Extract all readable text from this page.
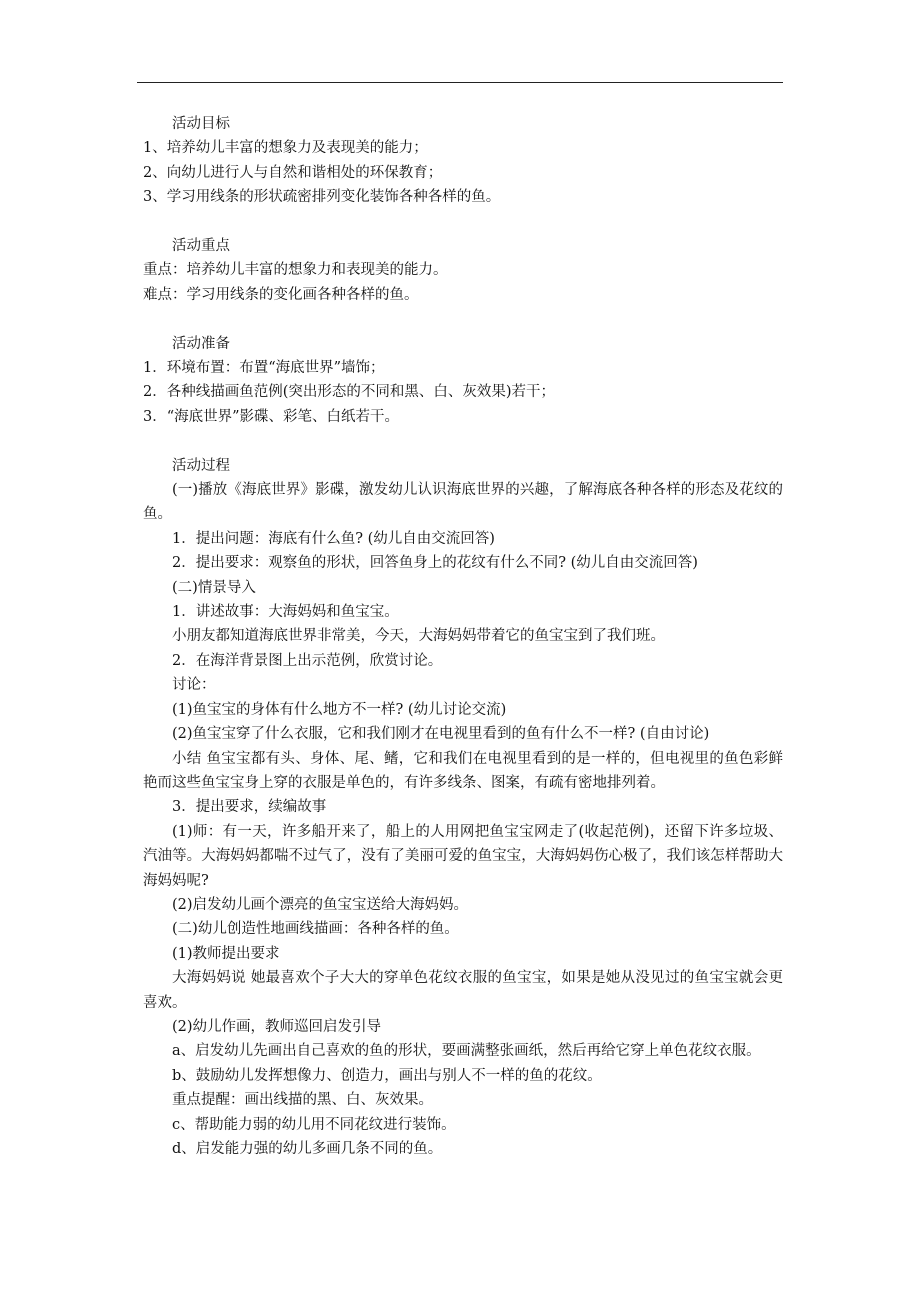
活动目标
1、培养幼儿丰富的想象力及表现美的能力；
2、向幼儿进行人与自然和谐相处的环保教育；
3、学习用线条的形状疏密排列变化装饰各种各样的鱼。
活动重点
重点：培养幼儿丰富的想象力和表现美的能力。
难点：学习用线条的变化画各种各样的鱼。
活动准备
1．环境布置：布置“海底世界”墙饰；
2．各种线描画鱼范例(突出形态的不同和黑、白、灰效果)若干；
3．“海底世界”影碟、彩笔、白纸若干。
活动过程
(一)播放《海底世界》影碟，激发幼儿认识海底世界的兴趣，了解海底各种各样的形态及花纹的鱼。
1．提出问题：海底有什么鱼? (幼儿自由交流回答)
2．提出要求：观察鱼的形状，回答鱼身上的花纹有什么不同? (幼儿自由交流回答)
(二)情景导入
1．讲述故事：大海妈妈和鱼宝宝。
小朋友都知道海底世界非常美，今天，大海妈妈带着它的鱼宝宝到了我们班。
2．在海洋背景图上出示范例，欣赏讨论。
讨论：
(1)鱼宝宝的身体有什么地方不一样? (幼儿讨论交流)
(2)鱼宝宝穿了什么衣服，它和我们刚才在电视里看到的鱼有什么不一样? (自由讨论)
小结 鱼宝宝都有头、身体、尾、鳍，它和我们在电视里看到的是一样的，但电视里的鱼色彩鲜艳而这些鱼宝宝身上穿的衣服是单色的，有许多线条、图案，有疏有密地排列着。
3．提出要求，续编故事
(1)师：有一天，许多船开来了，船上的人用网把鱼宝宝网走了(收起范例)，还留下许多垃圾、汽油等。大海妈妈都喘不过气了，没有了美丽可爱的鱼宝宝，大海妈妈伤心极了，我们该怎样帮助大海妈妈呢?
(2)启发幼儿画个漂亮的鱼宝宝送给大海妈妈。
(二)幼儿创造性地画线描画：各种各样的鱼。
(1)教师提出要求
大海妈妈说 她最喜欢个子大大的穿单色花纹衣服的鱼宝宝，如果是她从没见过的鱼宝宝就会更喜欢。
(2)幼儿作画，教师巡回启发引导
a、启发幼儿先画出自己喜欢的鱼的形状，要画满整张画纸，然后再给它穿上单色花纹衣服。
b、鼓励幼儿发挥想像力、创造力，画出与别人不一样的鱼的花纹。
重点提醒：画出线描的黑、白、灰效果。
c、帮助能力弱的幼儿用不同花纹进行装饰。
d、启发能力强的幼儿多画几条不同的鱼。
